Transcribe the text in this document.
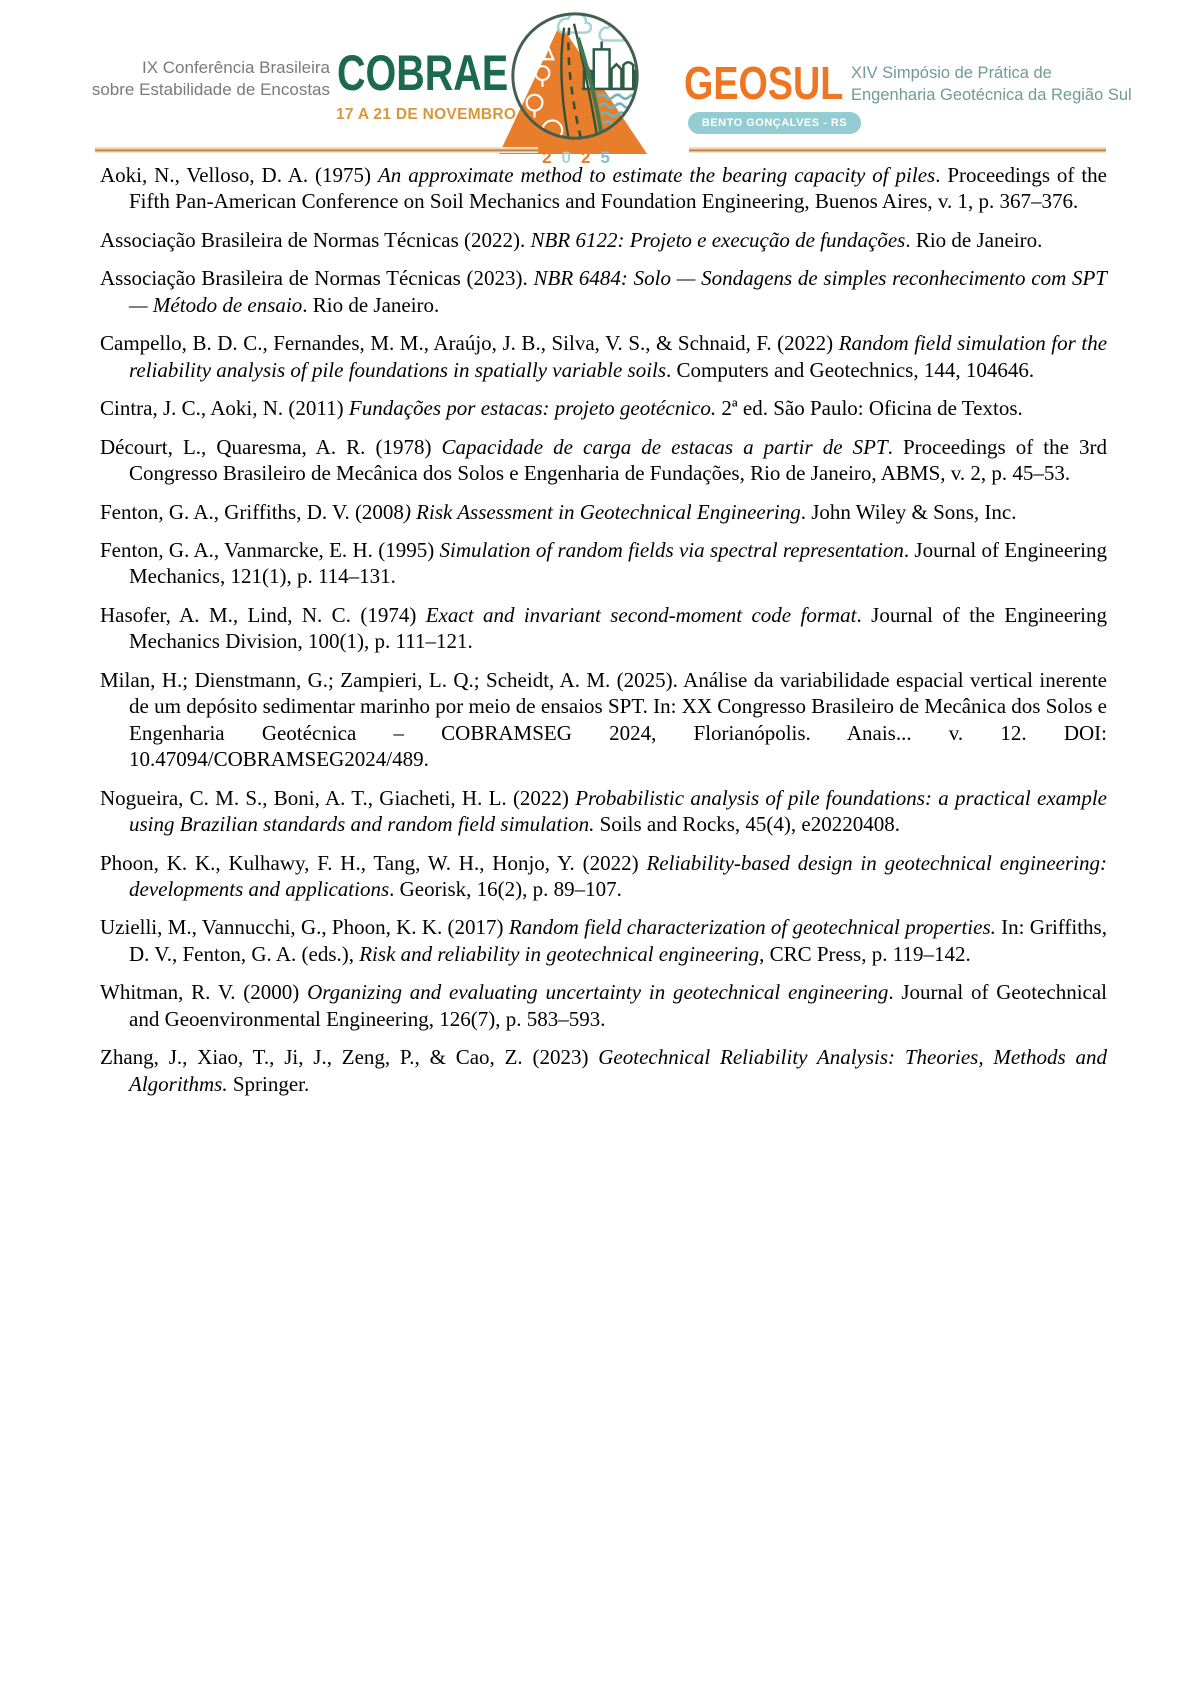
IX Conferência Brasileira
sobre Estabilidade de Encostas COBRAE
17 A 21 DE NOVEMBRO
2 0 2 5
GEOSUL XIV Simpósio de Prática de
Engenharia Geotécnica da Região Sul
BENTO GONÇALVES - RS

Aoki, N., Velloso, D. A. (1975) An approximate method to estimate the bearing capacity of piles. Proceedings of the Fifth Pan-American Conference on Soil Mechanics and Foundation Engineering, Buenos Aires, v. 1, p. 367–376.

Associação Brasileira de Normas Técnicas (2022). NBR 6122: Projeto e execução de fundações. Rio de Janeiro.

Associação Brasileira de Normas Técnicas (2023). NBR 6484: Solo — Sondagens de simples reconhecimento com SPT — Método de ensaio. Rio de Janeiro.

Campello, B. D. C., Fernandes, M. M., Araújo, J. B., Silva, V. S., & Schnaid, F. (2022) Random field simulation for the reliability analysis of pile foundations in spatially variable soils. Computers and Geotechnics, 144, 104646.

Cintra, J. C., Aoki, N. (2011) Fundações por estacas: projeto geotécnico. 2ª ed. São Paulo: Oficina de Textos.

Décourt, L., Quaresma, A. R. (1978) Capacidade de carga de estacas a partir de SPT. Proceedings of the 3rd Congresso Brasileiro de Mecânica dos Solos e Engenharia de Fundações, Rio de Janeiro, ABMS, v. 2, p. 45–53.

Fenton, G. A., Griffiths, D. V. (2008) Risk Assessment in Geotechnical Engineering. John Wiley & Sons, Inc.

Fenton, G. A., Vanmarcke, E. H. (1995) Simulation of random fields via spectral representation. Journal of Engineering Mechanics, 121(1), p. 114–131.

Hasofer, A. M., Lind, N. C. (1974) Exact and invariant second-moment code format. Journal of the Engineering Mechanics Division, 100(1), p. 111–121.

Milan, H.; Dienstmann, G.; Zampieri, L. Q.; Scheidt, A. M. (2025). Análise da variabilidade espacial vertical inerente de um depósito sedimentar marinho por meio de ensaios SPT. In: XX Congresso Brasileiro de Mecânica dos Solos e Engenharia Geotécnica – COBRAMSEG 2024, Florianópolis. Anais... v. 12. DOI: 10.47094/COBRAMSEG2024/489.

Nogueira, C. M. S., Boni, A. T., Giacheti, H. L. (2022) Probabilistic analysis of pile foundations: a practical example using Brazilian standards and random field simulation. Soils and Rocks, 45(4), e20220408.

Phoon, K. K., Kulhawy, F. H., Tang, W. H., Honjo, Y. (2022) Reliability-based design in geotechnical engineering: developments and applications. Georisk, 16(2), p. 89–107.

Uzielli, M., Vannucchi, G., Phoon, K. K. (2017) Random field characterization of geotechnical properties. In: Griffiths, D. V., Fenton, G. A. (eds.), Risk and reliability in geotechnical engineering, CRC Press, p. 119–142.

Whitman, R. V. (2000) Organizing and evaluating uncertainty in geotechnical engineering. Journal of Geotechnical and Geoenvironmental Engineering, 126(7), p. 583–593.

Zhang, J., Xiao, T., Ji, J., Zeng, P., & Cao, Z. (2023) Geotechnical Reliability Analysis: Theories, Methods and Algorithms. Springer.
